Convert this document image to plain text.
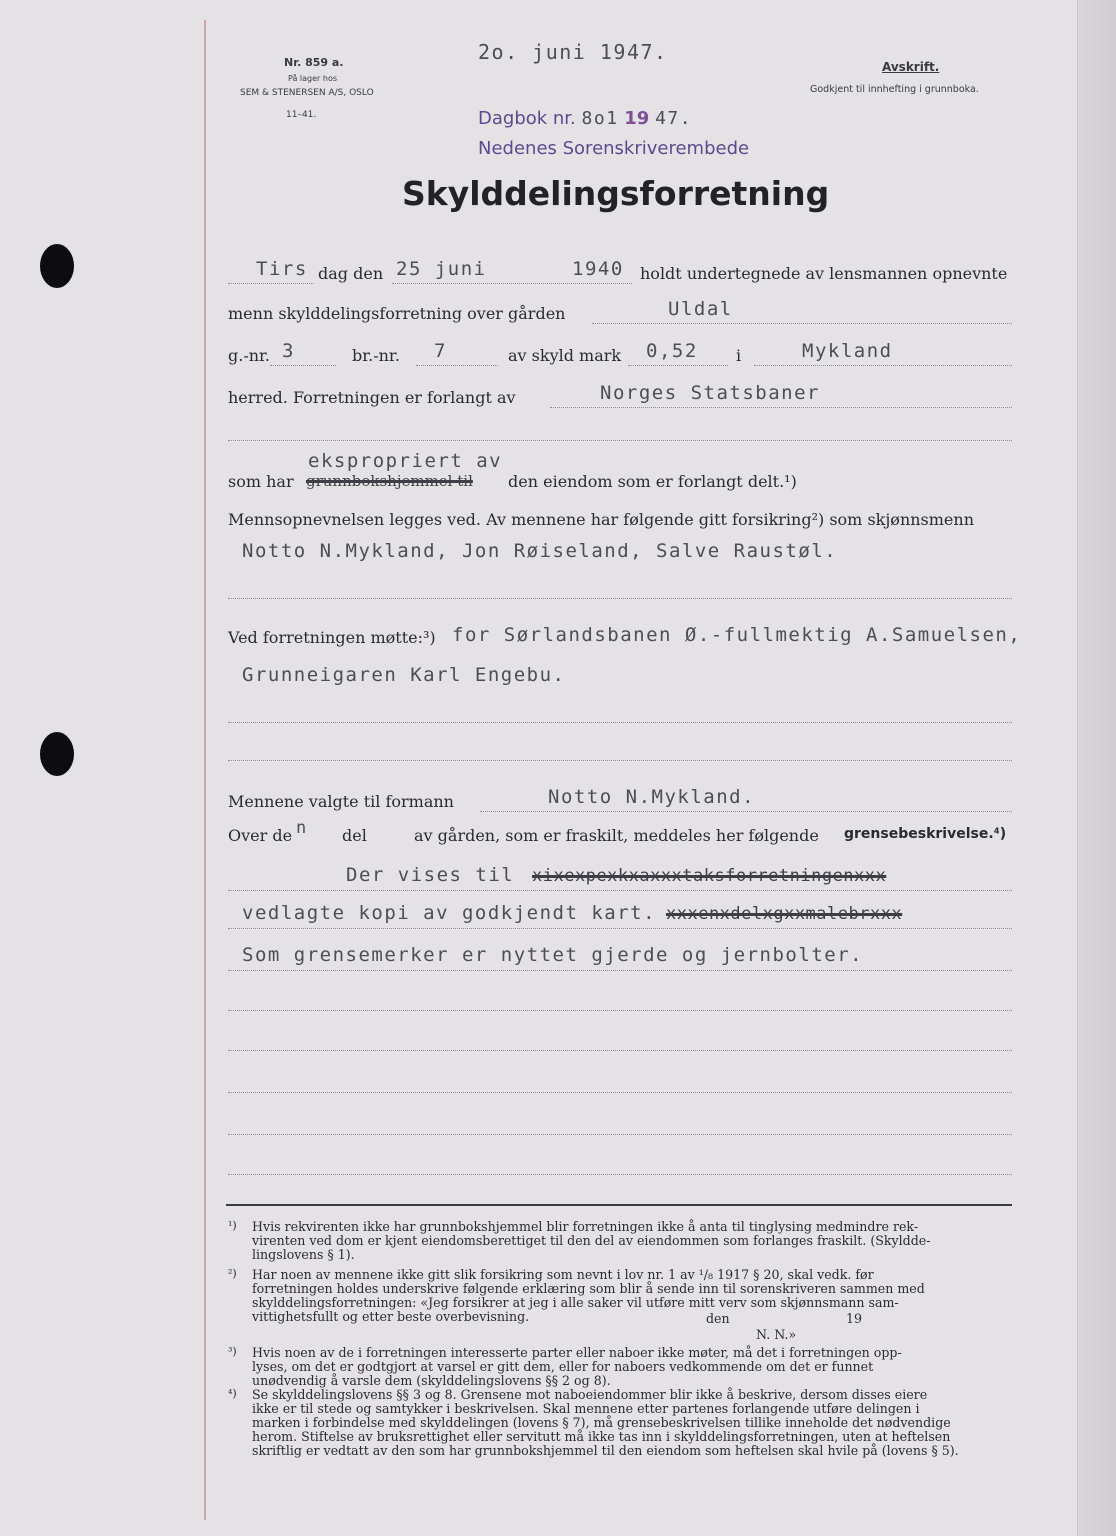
Nr. 859 a.
På lager hos
SEM & STENERSEN A/S, OSLO
11–41.
2o. juni 1947.
Avskrift.
Godkjent til innhefting i grunnboka.
Dagbok nr. 8o1 19 47.
Nedenes Sorenskriverembede
Skylddelingsforretning
Tirs dag den 25 juni	1940 holdt undertegnede av lensmannen opnevnte
menn skylddelingsforretning over gården	Uldal
g.-nr. 3	br.-nr. 7	av skyld mark 0,52 i	Mykland
herred. Forretningen er forlangt av	Norges Statsbaner
ekspropriert av
som har grunnbokshjemmel til den eiendom som er forlangt delt.¹)
Mennsopnevnelsen legges ved. Av mennene har følgende gitt forsikring²) som skjønnsmenn
Notto N.Mykland, Jon Røiseland, Salve Raustøl.
Ved forretningen møtte:³) for Sørlandsbanen Ø.-fullmektig A.Samuelsen,
Grunneigaren Karl Engebu.
Mennene valgte til formann	Notto N.Mykland.
Over de n del	av gården, som er fraskilt, meddeles her følgende grensebeskrivelse.⁴)
Der vises til xixexpexkxaxxxtaksforretningenxxx
vedlagte kopi av godkjendt kart. xxxenxdelxgxxmalebrxxx
Som grensemerker er nyttet gjerde og jernbolter.
¹) Hvis rekvirenten ikke har grunnbokshjemmel blir forretningen ikke å anta til tinglysing medmindre rek-
virenten ved dom er kjent eiendomsberettiget til den del av eiendommen som forlanges fraskilt. (Skyldde-
lingslovens § 1).
²) Har noen av mennene ikke gitt slik forsikring som nevnt i lov nr. 1 av ¹/₈ 1917 § 20, skal vedk. før
forretningen holdes underskrive følgende erklæring som blir å sende inn til sorenskriveren sammen med
skylddelingsforretningen: «Jeg forsikrer at jeg i alle saker vil utføre mitt verv som skjønnsmann sam-
vittighetsfullt og etter beste overbevisning.	den	19
N. N.»
³) Hvis noen av de i forretningen interesserte parter eller naboer ikke møter, må det i forretningen opp-
lyses, om det er godtgjort at varsel er gitt dem, eller for naboers vedkommende om det er funnet
unødvendig å varsle dem (skylddelingslovens §§ 2 og 8).
⁴) Se skylddelingslovens §§ 3 og 8. Grensene mot naboeiendommer blir ikke å beskrive, dersom disses eiere
ikke er til stede og samtykker i beskrivelsen. Skal mennene etter partenes forlangende utføre delingen i
marken i forbindelse med skylddelingen (lovens § 7), må grensebeskrivelsen tillike inneholde det nødvendige
herom. Stiftelse av bruksrettighet eller servitutt må ikke tas inn i skylddelingsforretningen, uten at heftelsen
skriftlig er vedtatt av den som har grunnbokshjemmel til den eiendom som heftelsen skal hvile på (lovens § 5).
